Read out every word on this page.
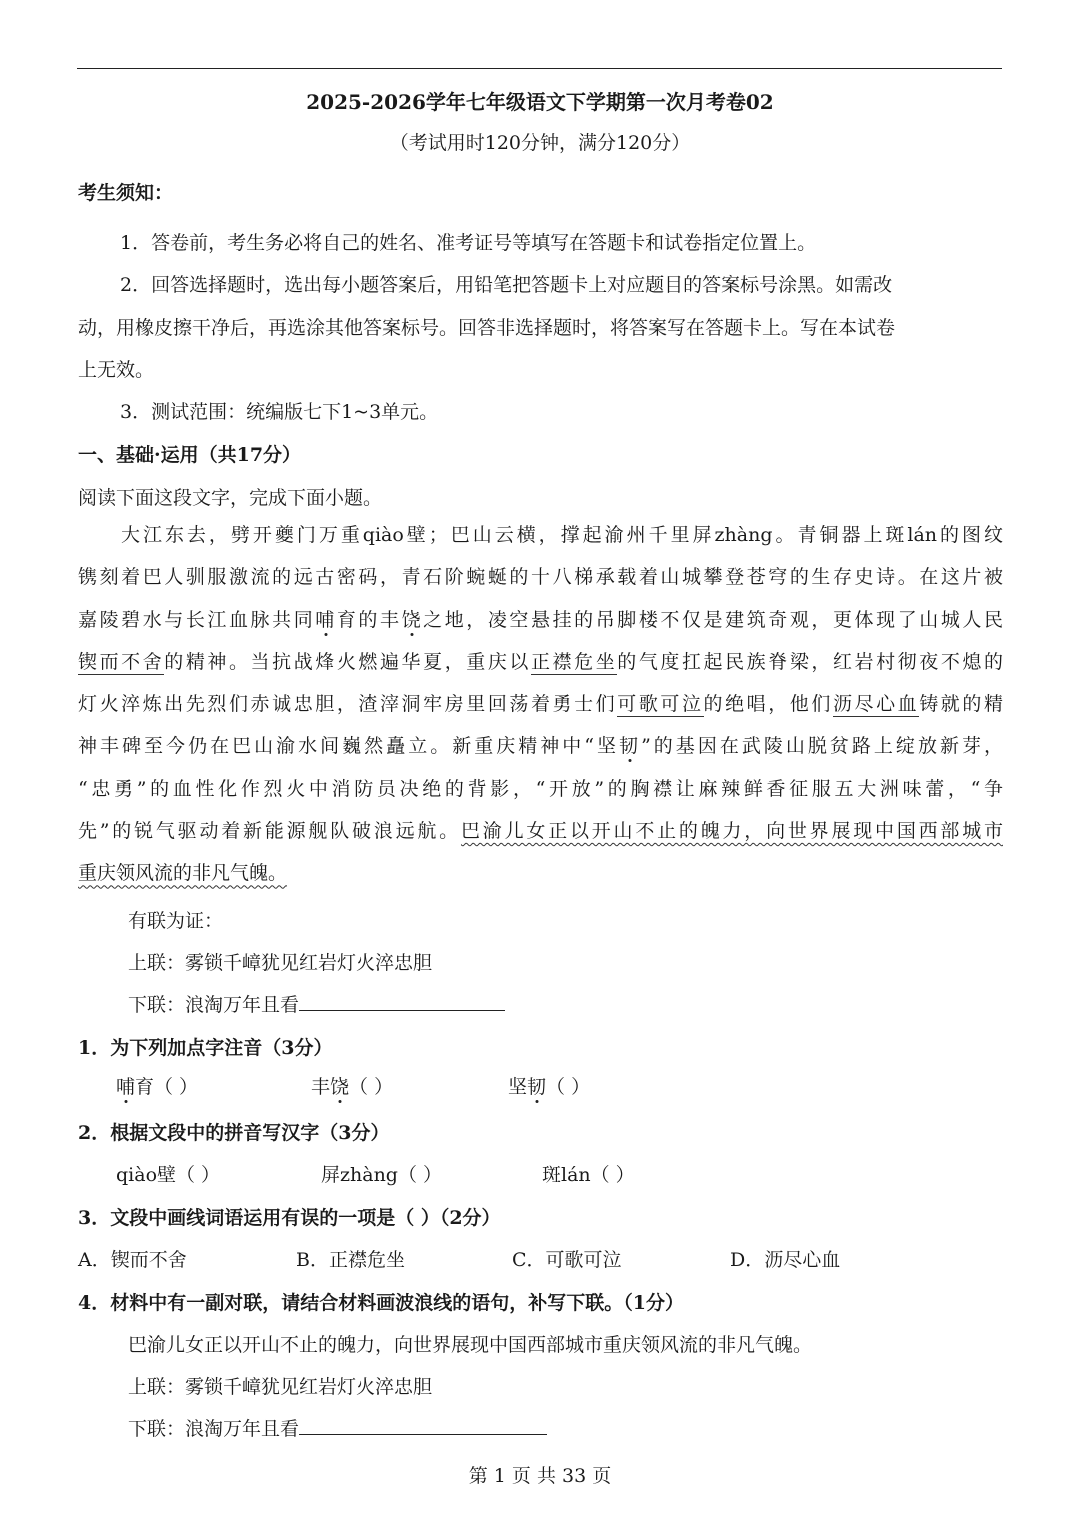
2025-2026学年七年级语文下学期第一次月考卷02
（考试用时120分钟，满分120分）
考生须知：
1．答卷前，考生务必将自己的姓名、准考证号等填写在答题卡和试卷指定位置上。
2．回答选择题时，选出每小题答案后，用铅笔把答题卡上对应题目的答案标号涂黑。如需改
动，用橡皮擦干净后，再选涂其他答案标号。回答非选择题时，将答案写在答题卡上。写在本试卷
上无效。
3．测试范围：统编版七下1~3单元。
一、基础·运用（共17分）
阅读下面这段文字，完成下面小题。
大江东去，劈开夔门万重qiào壁；巴山云横，撑起渝州千里屏zhàng。青铜器上斑lán的图纹
镌刻着巴人驯服激流的远古密码，青石阶蜿蜒的十八梯承载着山城攀登苍穹的生存史诗。在这片被
嘉陵碧水与长江血脉共同哺育的丰饶之地，凌空悬挂的吊脚楼不仅是建筑奇观，更体现了山城人民
锲而不舍的精神。当抗战烽火燃遍华夏，重庆以正襟危坐的气度扛起民族脊梁，红岩村彻夜不熄的
灯火淬炼出先烈们赤诚忠胆，渣滓洞牢房里回荡着勇士们可歌可泣的绝唱，他们沥尽心血铸就的精
神丰碑至今仍在巴山渝水间巍然矗立。新重庆精神中“坚韧”的基因在武陵山脱贫路上绽放新芽，
“忠勇”的血性化作烈火中消防员决绝的背影，“开放”的胸襟让麻辣鲜香征服五大洲味蕾，“争
先”的锐气驱动着新能源舰队破浪远航。巴渝儿女正以开山不止的魄力，向世界展现中国西部城市
重庆领风流的非凡气魄。
有联为证：
上联：雾锁千嶂犹见红岩灯火淬忠胆
下联：浪淘万年且看
1．为下列加点字注音（3分）
哺育（ ）	丰饶（ ）	坚韧（ ）
2．根据文段中的拼音写汉字（3分）
qiào壁（ ）	屏zhàng（ ）	斑lán（ ）
3．文段中画线词语运用有误的一项是（ ）（2分）
A．锲而不舍	B．正襟危坐	C．可歌可泣	D．沥尽心血
4．材料中有一副对联，请结合材料画波浪线的语句，补写下联。（1分）
巴渝儿女正以开山不止的魄力，向世界展现中国西部城市重庆领风流的非凡气魄。
上联：雾锁千嶂犹见红岩灯火淬忠胆
下联：浪淘万年且看
第 1 页 共 33 页
